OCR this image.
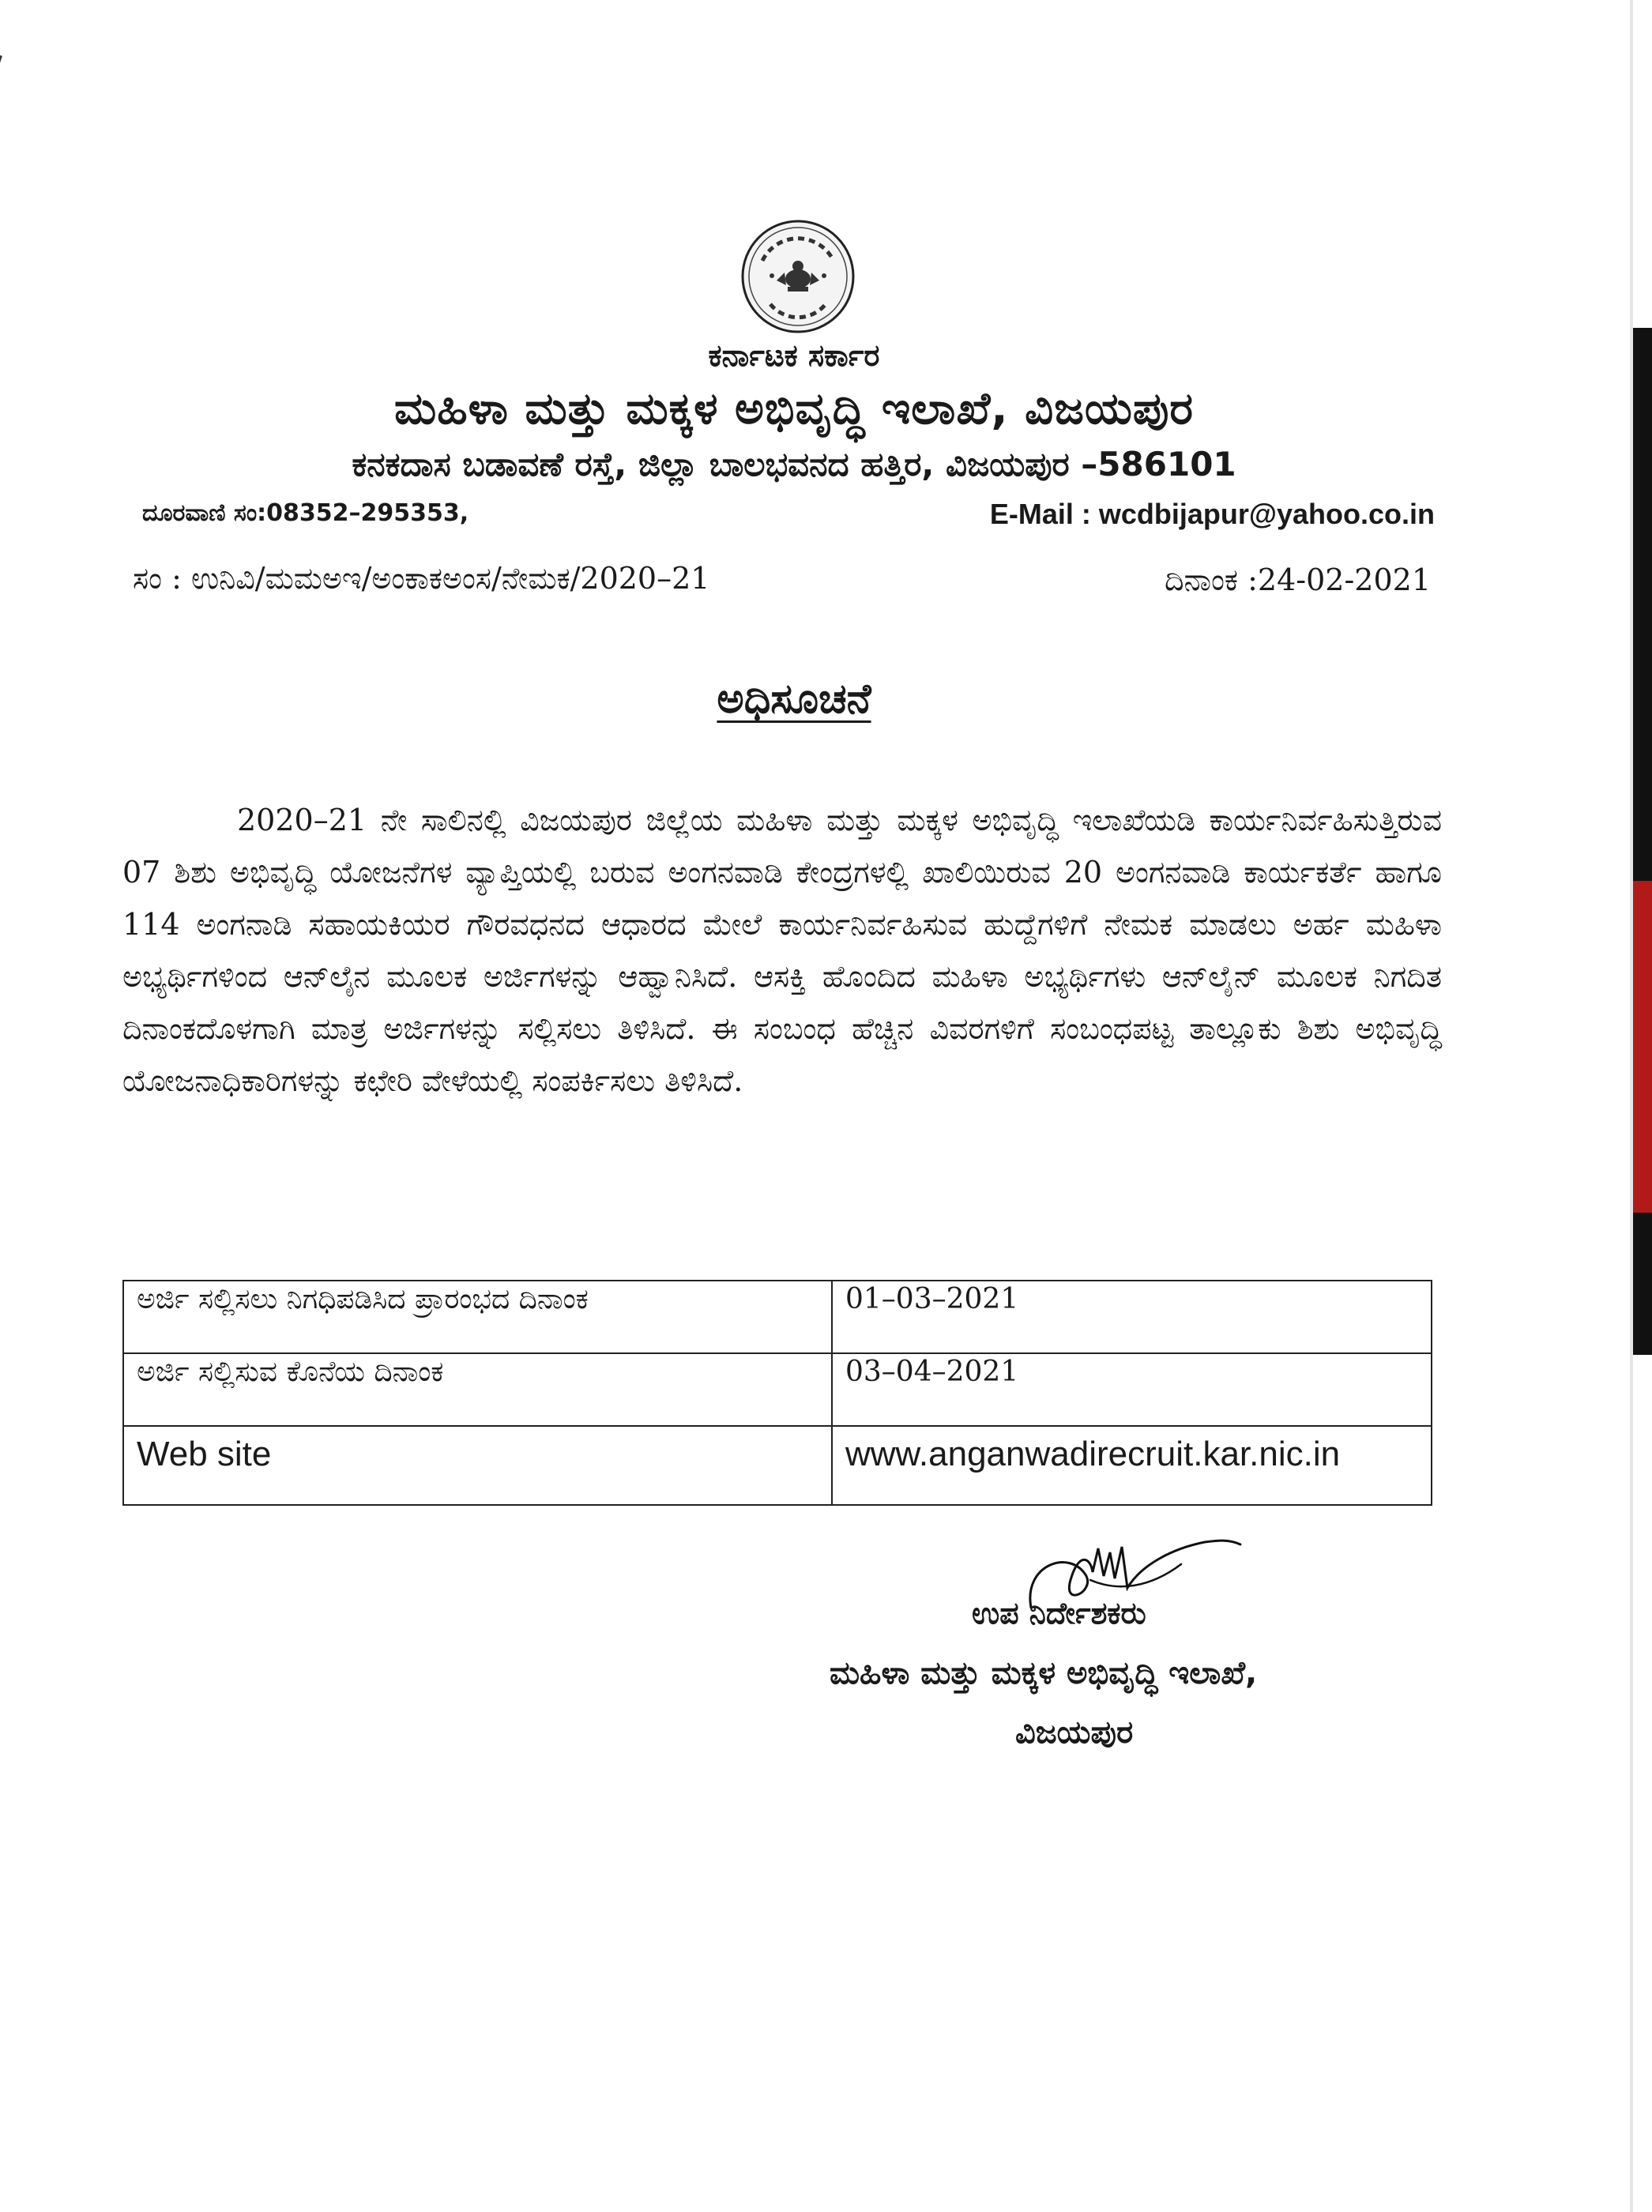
ಕರ್ನಾಟಕ ಸರ್ಕಾರ
ಮಹಿಳಾ ಮತ್ತು ಮಕ್ಕಳ ಅಭಿವೃದ್ಧಿ ಇಲಾಖೆ, ವಿಜಯಪುರ
ಕನಕದಾಸ ಬಡಾವಣೆ ರಸ್ತೆ, ಜಿಲ್ಲಾ ಬಾಲಭವನದ ಹತ್ತಿರ, ವಿಜಯಪುರ –586101
ದೂರವಾಣಿ ಸಂ:08352–295353,	E-Mail : wcdbijapur@yahoo.co.in
ಸಂ : ಉನಿವಿ/ಮಮಅಇ/ಅಂಕಾಕಅಂಸ/ನೇಮಕ/2020–21	ದಿನಾಂಕ :24-02-2021
ಅಧಿಸೂಚನೆ
2020–21 ನೇ ಸಾಲಿನಲ್ಲಿ ವಿಜಯಪುರ ಜಿಲ್ಲೆಯ ಮಹಿಳಾ ಮತ್ತು ಮಕ್ಕಳ ಅಭಿವೃದ್ಧಿ ಇಲಾಖೆಯಡಿ ಕಾರ್ಯನಿರ್ವಹಿಸುತ್ತಿರುವ 07 ಶಿಶು ಅಭಿವೃದ್ಧಿ ಯೋಜನೆಗಳ ವ್ಯಾಪ್ತಿಯಲ್ಲಿ ಬರುವ ಅಂಗನವಾಡಿ ಕೇಂದ್ರಗಳಲ್ಲಿ ಖಾಲಿಯಿರುವ 20 ಅಂಗನವಾಡಿ ಕಾರ್ಯಕರ್ತೆ ಹಾಗೂ 114 ಅಂಗನಾಡಿ ಸಹಾಯಕಿಯರ ಗೌರವಧನದ ಆಧಾರದ ಮೇಲೆ ಕಾರ್ಯನಿರ್ವಹಿಸುವ ಹುದ್ದೆಗಳಿಗೆ ನೇಮಕ ಮಾಡಲು ಅರ್ಹ ಮಹಿಳಾ ಅಭ್ಯರ್ಥಿಗಳಿಂದ ಆನ್‌ಲೈನ ಮೂಲಕ ಅರ್ಜಿಗಳನ್ನು ಆಹ್ವಾನಿಸಿದೆ. ಆಸಕ್ತಿ ಹೊಂದಿದ ಮಹಿಳಾ ಅಭ್ಯರ್ಥಿಗಳು ಆನ್‌ಲೈನ್ ಮೂಲಕ ನಿಗದಿತ ದಿನಾಂಕದೊಳಗಾಗಿ ಮಾತ್ರ ಅರ್ಜಿಗಳನ್ನು ಸಲ್ಲಿಸಲು ತಿಳಿಸಿದೆ. ಈ ಸಂಬಂಧ ಹೆಚ್ಚಿನ ವಿವರಗಳಿಗೆ ಸಂಬಂಧಪಟ್ಟ ತಾಲ್ಲೂಕು ಶಿಶು ಅಭಿವೃದ್ಧಿ ಯೋಜನಾಧಿಕಾರಿಗಳನ್ನು ಕಛೇರಿ ವೇಳೆಯಲ್ಲಿ ಸಂಪರ್ಕಿಸಲು ತಿಳಿಸಿದೆ.
ಅರ್ಜಿ ಸಲ್ಲಿಸಲು ನಿಗಧಿಪಡಿಸಿದ ಪ್ರಾರಂಭದ ದಿನಾಂಕ	01–03–2021
ಅರ್ಜಿ ಸಲ್ಲಿಸುವ ಕೊನೆಯ ದಿನಾಂಕ	03–04–2021
Web site	www.anganwadirecruit.kar.nic.in
ಉಪ ನಿರ್ದೇಶಕರು
ಮಹಿಳಾ ಮತ್ತು ಮಕ್ಕಳ ಅಭಿವೃದ್ಧಿ ಇಲಾಖೆ,
ವಿಜಯಪುರ
